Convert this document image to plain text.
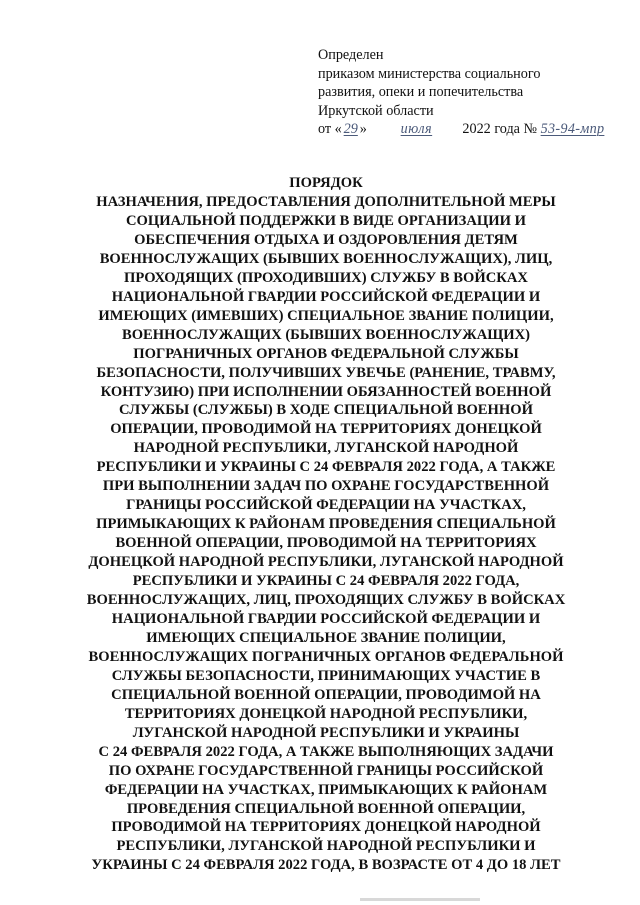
Определен
приказом министерства социального
развития, опеки и попечительства
Иркутской области
от « 29 » июля 2022 года № 53-94-мпр
ПОРЯДОК
НАЗНАЧЕНИЯ, ПРЕДОСТАВЛЕНИЯ ДОПОЛНИТЕЛЬНОЙ МЕРЫ
СОЦИАЛЬНОЙ ПОДДЕРЖКИ В ВИДЕ ОРГАНИЗАЦИИ И
ОБЕСПЕЧЕНИЯ ОТДЫХА И ОЗДОРОВЛЕНИЯ ДЕТЯМ
ВОЕННОСЛУЖАЩИХ (БЫВШИХ ВОЕННОСЛУЖАЩИХ), ЛИЦ,
ПРОХОДЯЩИХ (ПРОХОДИВШИХ) СЛУЖБУ В ВОЙСКАХ
НАЦИОНАЛЬНОЙ ГВАРДИИ РОССИЙСКОЙ ФЕДЕРАЦИИ И
ИМЕЮЩИХ (ИМЕВШИХ) СПЕЦИАЛЬНОЕ ЗВАНИЕ ПОЛИЦИИ,
ВОЕННОСЛУЖАЩИХ (БЫВШИХ ВОЕННОСЛУЖАЩИХ)
ПОГРАНИЧНЫХ ОРГАНОВ ФЕДЕРАЛЬНОЙ СЛУЖБЫ
БЕЗОПАСНОСТИ, ПОЛУЧИВШИХ УВЕЧЬЕ (РАНЕНИЕ, ТРАВМУ,
КОНТУЗИЮ) ПРИ ИСПОЛНЕНИИ ОБЯЗАННОСТЕЙ ВОЕННОЙ
СЛУЖБЫ (СЛУЖБЫ) В ХОДЕ СПЕЦИАЛЬНОЙ ВОЕННОЙ
ОПЕРАЦИИ, ПРОВОДИМОЙ НА ТЕРРИТОРИЯХ ДОНЕЦКОЙ
НАРОДНОЙ РЕСПУБЛИКИ, ЛУГАНСКОЙ НАРОДНОЙ
РЕСПУБЛИКИ И УКРАИНЫ С 24 ФЕВРАЛЯ 2022 ГОДА, А ТАКЖЕ
ПРИ ВЫПОЛНЕНИИ ЗАДАЧ ПО ОХРАНЕ ГОСУДАРСТВЕННОЙ
ГРАНИЦЫ РОССИЙСКОЙ ФЕДЕРАЦИИ НА УЧАСТКАХ,
ПРИМЫКАЮЩИХ К РАЙОНАМ ПРОВЕДЕНИЯ СПЕЦИАЛЬНОЙ
ВОЕННОЙ ОПЕРАЦИИ, ПРОВОДИМОЙ НА ТЕРРИТОРИЯХ
ДОНЕЦКОЙ НАРОДНОЙ РЕСПУБЛИКИ, ЛУГАНСКОЙ НАРОДНОЙ
РЕСПУБЛИКИ И УКРАИНЫ С 24 ФЕВРАЛЯ 2022 ГОДА,
ВОЕННОСЛУЖАЩИХ, ЛИЦ, ПРОХОДЯЩИХ СЛУЖБУ В ВОЙСКАХ
НАЦИОНАЛЬНОЙ ГВАРДИИ РОССИЙСКОЙ ФЕДЕРАЦИИ И
ИМЕЮЩИХ СПЕЦИАЛЬНОЕ ЗВАНИЕ ПОЛИЦИИ,
ВОЕННОСЛУЖАЩИХ ПОГРАНИЧНЫХ ОРГАНОВ ФЕДЕРАЛЬНОЙ
СЛУЖБЫ БЕЗОПАСНОСТИ, ПРИНИМАЮЩИХ УЧАСТИЕ В
СПЕЦИАЛЬНОЙ ВОЕННОЙ ОПЕРАЦИИ, ПРОВОДИМОЙ НА
ТЕРРИТОРИЯХ ДОНЕЦКОЙ НАРОДНОЙ РЕСПУБЛИКИ,
ЛУГАНСКОЙ НАРОДНОЙ РЕСПУБЛИКИ И УКРАИНЫ
С 24 ФЕВРАЛЯ 2022 ГОДА, А ТАКЖЕ ВЫПОЛНЯЮЩИХ ЗАДАЧИ
ПО ОХРАНЕ ГОСУДАРСТВЕННОЙ ГРАНИЦЫ РОССИЙСКОЙ
ФЕДЕРАЦИИ НА УЧАСТКАХ, ПРИМЫКАЮЩИХ К РАЙОНАМ
ПРОВЕДЕНИЯ СПЕЦИАЛЬНОЙ ВОЕННОЙ ОПЕРАЦИИ,
ПРОВОДИМОЙ НА ТЕРРИТОРИЯХ ДОНЕЦКОЙ НАРОДНОЙ
РЕСПУБЛИКИ, ЛУГАНСКОЙ НАРОДНОЙ РЕСПУБЛИКИ И
УКРАИНЫ С 24 ФЕВРАЛЯ 2022 ГОДА, В ВОЗРАСТЕ ОТ 4 ДО 18 ЛЕТ
